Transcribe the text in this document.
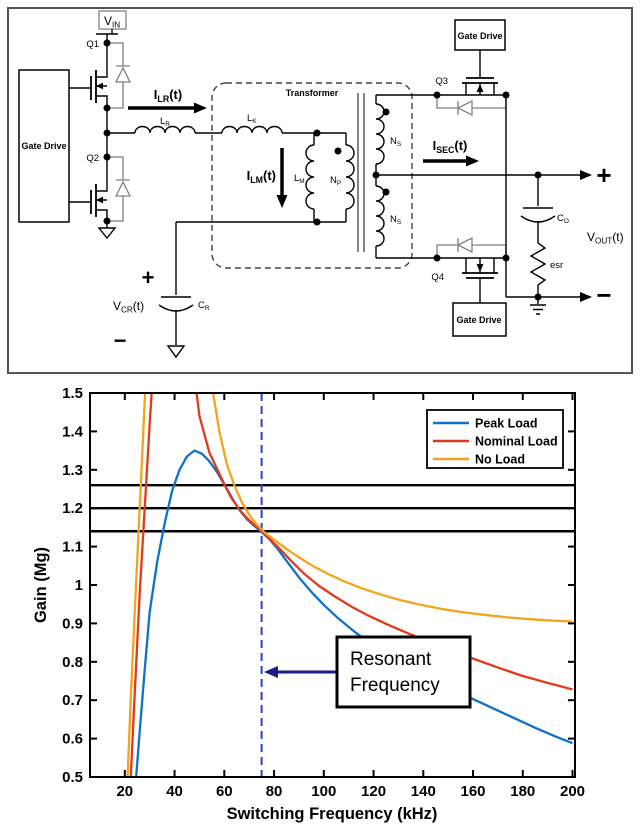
$V_{IN}$
Gate Drive
Q1
$L_R$
$I_{LR}(t)$
Q2
Transformer
$L_K$
$I_{LM}(t)$ $L_M$	$N_P$
$N_S$
$N_S$
$I_{SEC}(t)$
+
$V_{CR}(t)$
−
$C_R$
Gate Drive
Q3
Q4
Gate Drive
$C_O$
esr
+
$V_{OUT}(t)$
−
20 40 60 80 100 120 140 160 180 200
0.5
0.6
0.7
0.8
0.9
1
1.1
1.2
1.3
1.4
1.5
Switching Frequency (kHz)
Gain (Mg)
Peak Load
Nominal Load
No Load
Resonant
Frequency
